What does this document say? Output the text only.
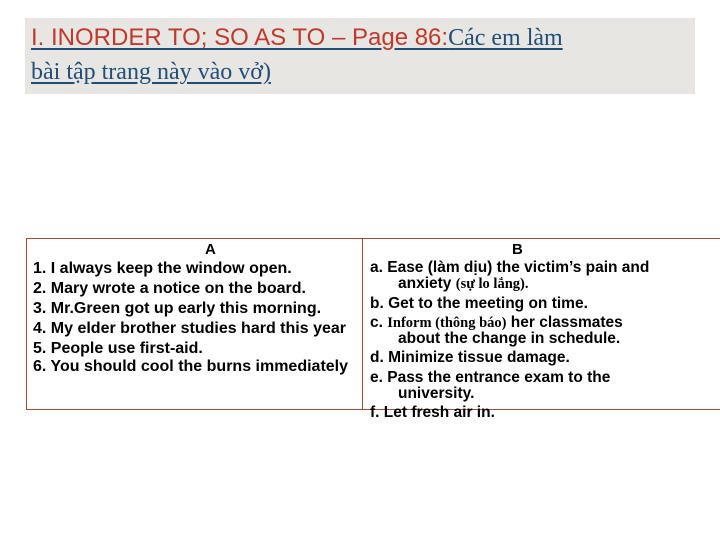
I. INORDER TO; SO AS TO – Page 86:Các em làm
bài tập trang này vào vở)
A
1. I always keep the window open.
2. Mary wrote a notice on the board.
3. Mr.Green got up early this morning.
4. My elder brother studies hard this year
5. People use first-aid.
6. You should cool the burns immediately
B
a. Ease (làm dịu) the victim’s pain and
anxiety (sự lo lắng).
b. Get to the meeting on time.
c. Inform (thông báo) her classmates
about the change in schedule.
d. Minimize tissue damage.
e. Pass the entrance exam to the
university.
f. Let fresh air in.
